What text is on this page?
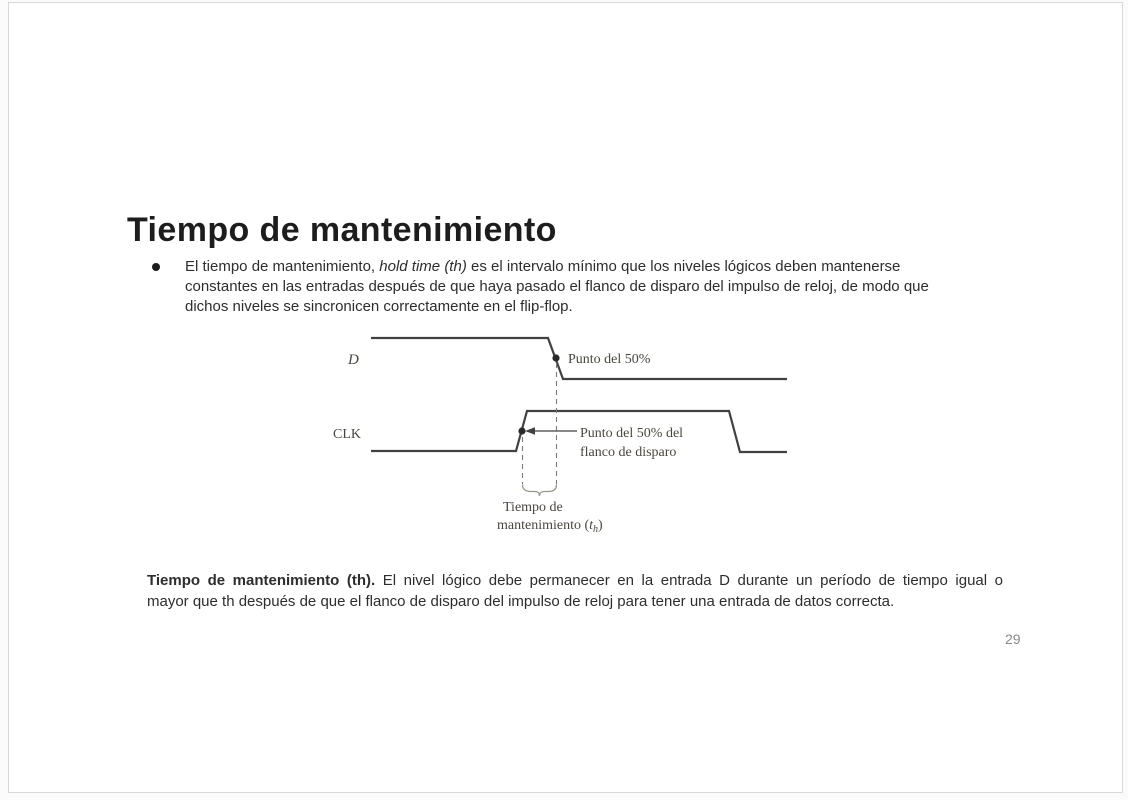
Tiempo de mantenimiento
El tiempo de mantenimiento, hold time (th) es el intervalo mínimo que los niveles lógicos deben mantenerse
constantes en las entradas después de que haya pasado el flanco de disparo del impulso de reloj, de modo que
dichos niveles se sincronicen correctamente en el flip-flop.
D
CLK
Punto del 50%
Punto del 50% del
flanco de disparo
Tiempo de
mantenimiento $(t_h)$
Tiempo de mantenimiento (th). El nivel lógico debe permanecer en la entrada D durante un período de tiempo igual o
mayor que th después de que el flanco de disparo del impulso de reloj para tener una entrada de datos correcta.
29
